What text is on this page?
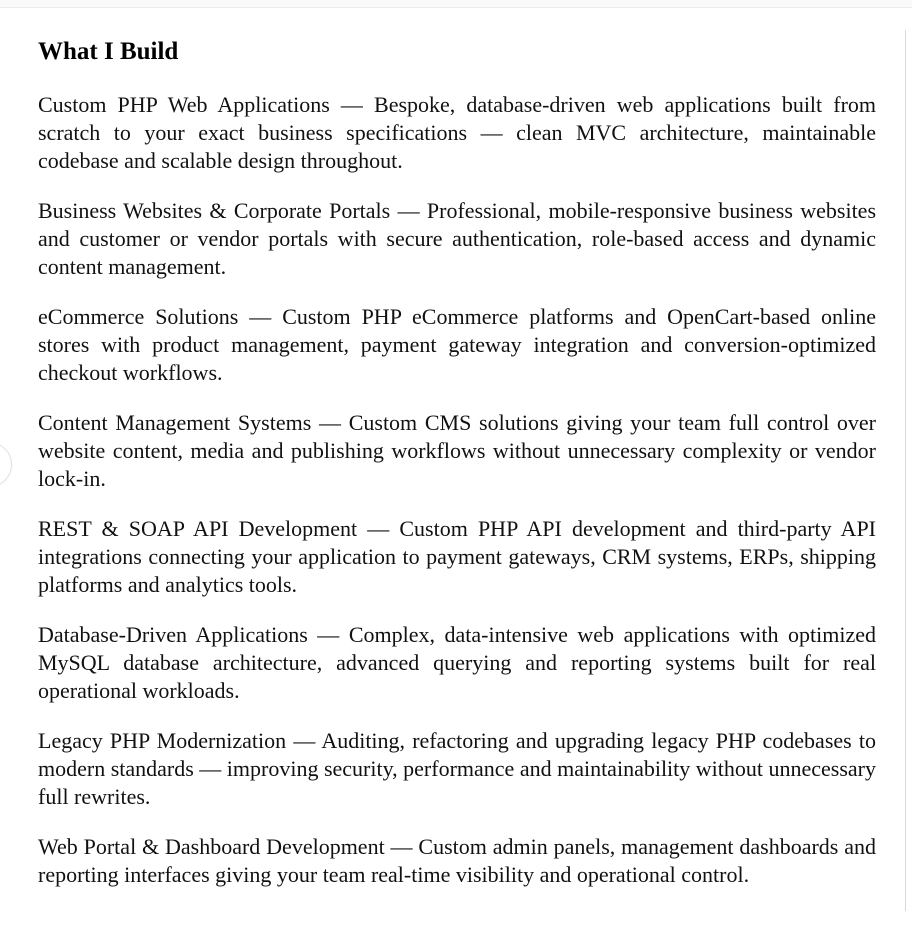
What I Build

Custom PHP Web Applications — Bespoke, database-driven web applications built from scratch to your exact business specifications — clean MVC architecture, maintainable codebase and scalable design throughout.

Business Websites & Corporate Portals — Professional, mobile-responsive business websites and customer or vendor portals with secure authentication, role-based access and dynamic content management.

eCommerce Solutions — Custom PHP eCommerce platforms and OpenCart-based online stores with product management, payment gateway integration and conversion-optimized checkout workflows.

Content Management Systems — Custom CMS solutions giving your team full control over website content, media and publishing workflows without unnecessary complexity or vendor lock-in.

REST & SOAP API Development — Custom PHP API development and third-party API integrations connecting your application to payment gateways, CRM systems, ERPs, shipping platforms and analytics tools.

Database-Driven Applications — Complex, data-intensive web applications with optimized MySQL database architecture, advanced querying and reporting systems built for real operational workloads.

Legacy PHP Modernization — Auditing, refactoring and upgrading legacy PHP codebases to modern standards — improving security, performance and maintainability without unnecessary full rewrites.

Web Portal & Dashboard Development — Custom admin panels, management dashboards and reporting interfaces giving your team real-time visibility and operational control.
